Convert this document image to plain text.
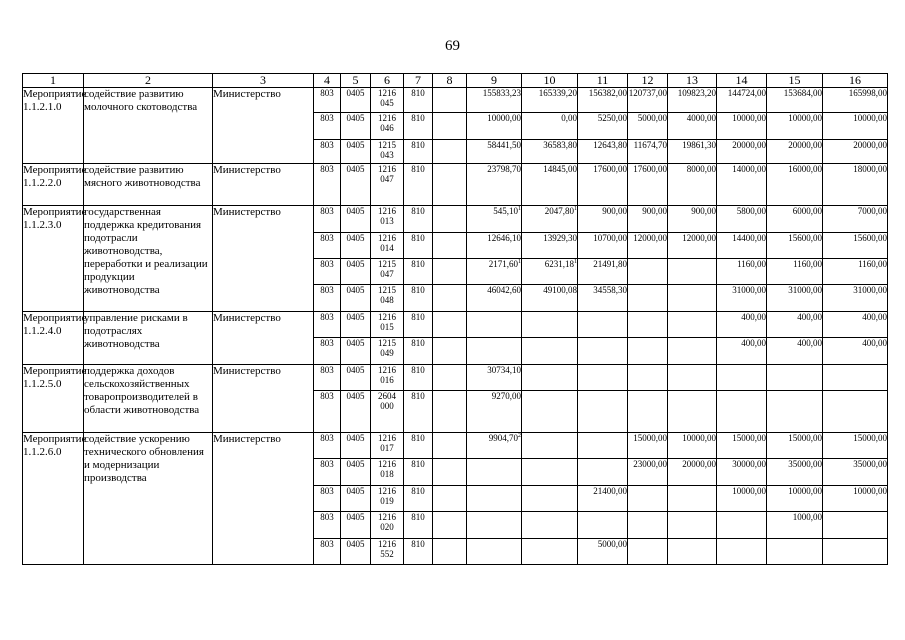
69
1	2	3	4	5	6	7	8	9	10	11	12	13	14	15	16
Мероприятие 1.1.2.1.0	содействие развитию молочного скотоводства	Министерство	803	0405	1216 045	810		155833,23	165339,20	156382,00	120737,00	109823,20	144724,00	153684,00	165998,00
			803	0405	1216 046	810		10000,00	0,00	5250,00	5000,00	4000,00	10000,00	10000,00	10000,00
			803	0405	1215 043	810		58441,50	36583,80	12643,80	11674,70	19861,30	20000,00	20000,00	20000,00
Мероприятие 1.1.2.2.0	содействие развитию мясного животноводства	Министерство	803	0405	1216 047	810		23798,70	14845,00	17600,00	17600,00	8000,00	14000,00	16000,00	18000,00
Мероприятие 1.1.2.3.0	государственная поддержка кредитования подотрасли животноводства, переработки и реализации продукции животноводства	Министерство	803	0405	1216 013	810		545,10$^1$	2047,80$^1$	900,00	900,00	900,00	5800,00	6000,00	7000,00
			803	0405	1216 014	810		12646,10	13929,30	10700,00	12000,00	12000,00	14400,00	15600,00	15600,00
			803	0405	1215 047	810		2171,60$^1$	6231,18$^1$	21491,80			1160,00	1160,00	1160,00
			803	0405	1215 048	810		46042,60	49100,08	34558,30			31000,00	31000,00	31000,00
Мероприятие 1.1.2.4.0	управление рисками в подотраслях животноводства	Министерство	803	0405	1216 015	810							400,00	400,00	400,00
			803	0405	1215 049	810							400,00	400,00	400,00
Мероприятие 1.1.2.5.0	поддержка доходов сельскохозяйственных товаропроизводителей в области животноводства	Министерство	803	0405	1216 016	810		30734,10							
			803	0405	2604 000	810		9270,00							
Мероприятие 1.1.2.6.0	содействие ускорению технического обновления и модернизации производства	Министерство	803	0405	1216 017	810		9904,70$^2$			15000,00	10000,00	15000,00	15000,00	15000,00
			803	0405	1216 018	810					23000,00	20000,00	30000,00	35000,00	35000,00
			803	0405	1216 019	810				21400,00			10000,00	10000,00	10000,00
			803	0405	1216 020	810								1000,00	
			803	0405	1216 552	810				5000,00					
